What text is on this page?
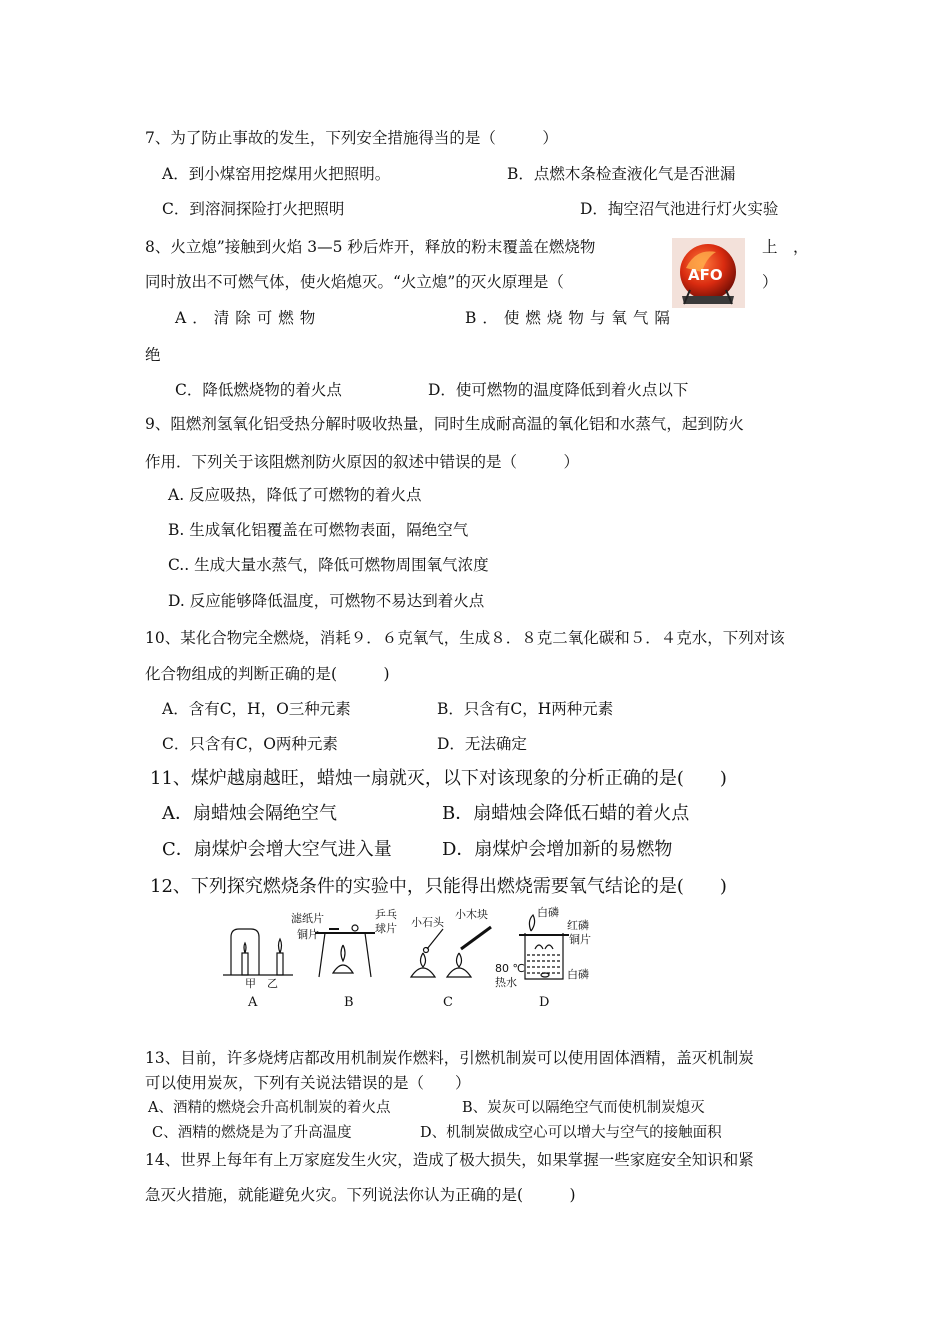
7、为了防止事故的发生，下列安全措施得当的是（　　　）
A．到小煤窑用挖煤用火把照明。	B．点燃木条检查液化气是否泄漏
C．到溶洞探险打火把照明	D．掏空沼气池进行灯火实验
8、火立熄”接触到火焰 3—5 秒后炸开，释放的粉末覆盖在燃烧物	上　，
同时放出不可燃气体，使火焰熄灭。“火立熄”的灭火原理是（	）
AFO
A．清除可燃物	B．使燃烧物与氧气隔
绝
C．降低燃烧物的着火点	D．使可燃物的温度降低到着火点以下
9、阻燃剂氢氧化铝受热分解时吸收热量，同时生成耐高温的氧化铝和水蒸气，起到防火
作用．下列关于该阻燃剂防火原因的叙述中错误的是（　　　）
A. 反应吸热，降低了可燃物的着火点
B. 生成氧化铝覆盖在可燃物表面，隔绝空气
C.. 生成大量水蒸气，降低可燃物周围氧气浓度
D. 反应能够降低温度，可燃物不易达到着火点
10、某化合物完全燃烧，消耗９．６克氧气，生成８．８克二氧化碳和５．４克水，下列对该
化合物组成的判断正确的是(　　　)
A．含有C，H，O三种元素	B．只含有C，H两种元素
C．只含有C，O两种元素	D．无法确定
11、煤炉越扇越旺，蜡烛一扇就灭，以下对该现象的分析正确的是(　　)
A．扇蜡烛会隔绝空气	B．扇蜡烛会降低石蜡的着火点
C．扇煤炉会增大空气进入量	D．扇煤炉会增加新的易燃物
12、下列探究燃烧条件的实验中，只能得出燃烧需要氧气结论的是(　　)
甲　乙
A
滤纸片
铜片
乒乓
球片
B
小石头
小木块
C
白磷
红磷
铜片
80 ℃
热水
白磷
D
13、目前，许多烧烤店都改用机制炭作燃料，引燃机制炭可以使用固体酒精，盖灭机制炭
可以使用炭灰，下列有关说法错误的是（　　）
A、酒精的燃烧会升高机制炭的着火点	B、炭灰可以隔绝空气而使机制炭熄灭
C、酒精的燃烧是为了升高温度	D、机制炭做成空心可以增大与空气的接触面积
14、世界上每年有上万家庭发生火灾，造成了极大损失，如果掌握一些家庭安全知识和紧
急灭火措施，就能避免火灾。下列说法你认为正确的是(　　　)
